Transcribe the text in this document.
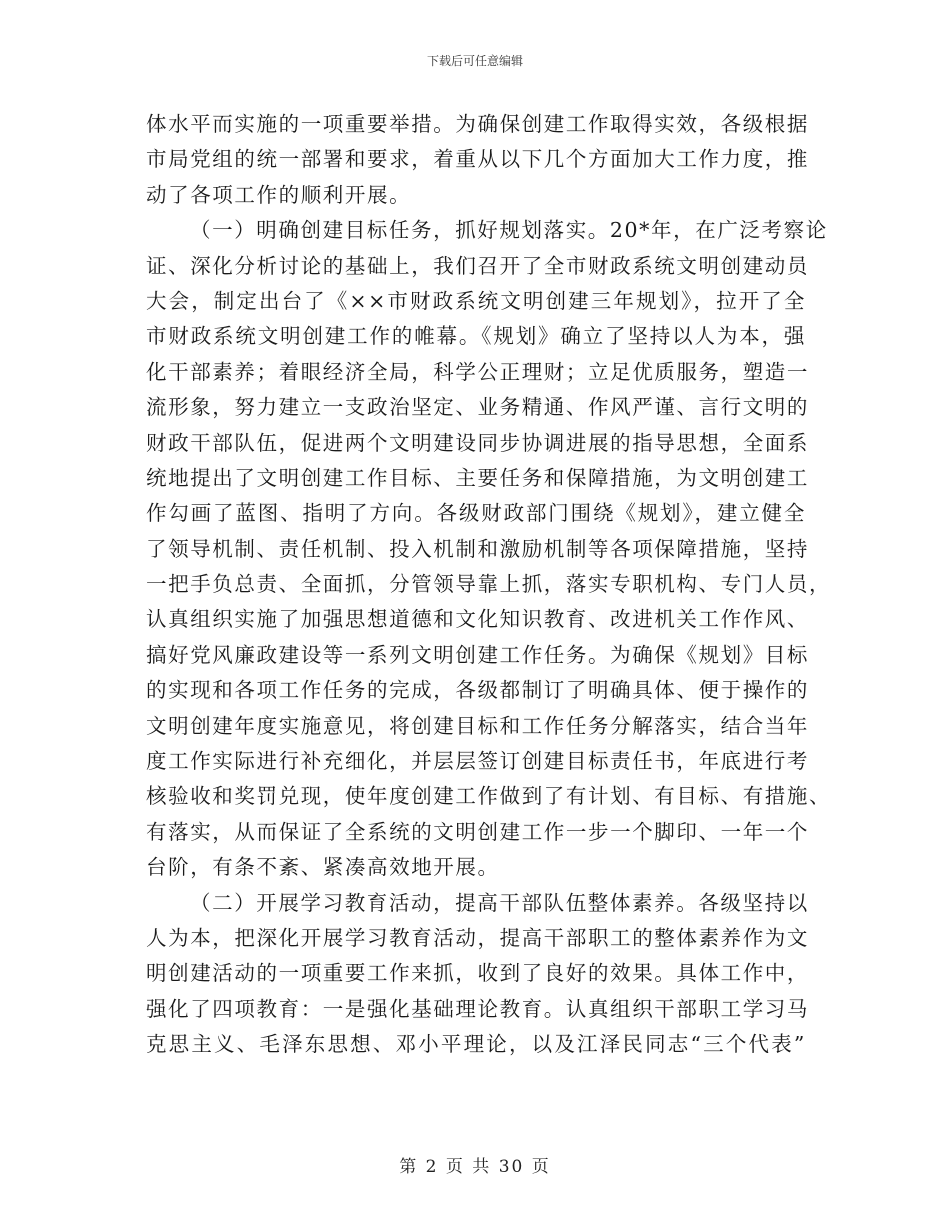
下载后可任意编辑
体水平而实施的一项重要举措。为确保创建工作取得实效，各级根据
市局党组的统一部署和要求，着重从以下几个方面加大工作力度，推
动了各项工作的顺利开展。
（一）明确创建目标任务，抓好规划落实。20*年，在广泛考察论
证、深化分析讨论的基础上，我们召开了全市财政系统文明创建动员
大会，制定出台了《××市财政系统文明创建三年规划》，拉开了全
市财政系统文明创建工作的帷幕。《规划》确立了坚持以人为本，强
化干部素养；着眼经济全局，科学公正理财；立足优质服务，塑造一
流形象，努力建立一支政治坚定、业务精通、作风严谨、言行文明的
财政干部队伍，促进两个文明建设同步协调进展的指导思想，全面系
统地提出了文明创建工作目标、主要任务和保障措施，为文明创建工
作勾画了蓝图、指明了方向。各级财政部门围绕《规划》，建立健全
了领导机制、责任机制、投入机制和激励机制等各项保障措施，坚持
一把手负总责、全面抓，分管领导靠上抓，落实专职机构、专门人员，
认真组织实施了加强思想道德和文化知识教育、改进机关工作作风、
搞好党风廉政建设等一系列文明创建工作任务。为确保《规划》目标
的实现和各项工作任务的完成，各级都制订了明确具体、便于操作的
文明创建年度实施意见，将创建目标和工作任务分解落实，结合当年
度工作实际进行补充细化，并层层签订创建目标责任书，年底进行考
核验收和奖罚兑现，使年度创建工作做到了有计划、有目标、有措施、
有落实，从而保证了全系统的文明创建工作一步一个脚印、一年一个
台阶，有条不紊、紧凑高效地开展。
（二）开展学习教育活动，提高干部队伍整体素养。各级坚持以
人为本，把深化开展学习教育活动，提高干部职工的整体素养作为文
明创建活动的一项重要工作来抓，收到了良好的效果。具体工作中，
强化了四项教育：一是强化基础理论教育。认真组织干部职工学习马
克思主义、毛泽东思想、邓小平理论，以及江泽民同志“三个代表”
第 2 页 共 30 页
